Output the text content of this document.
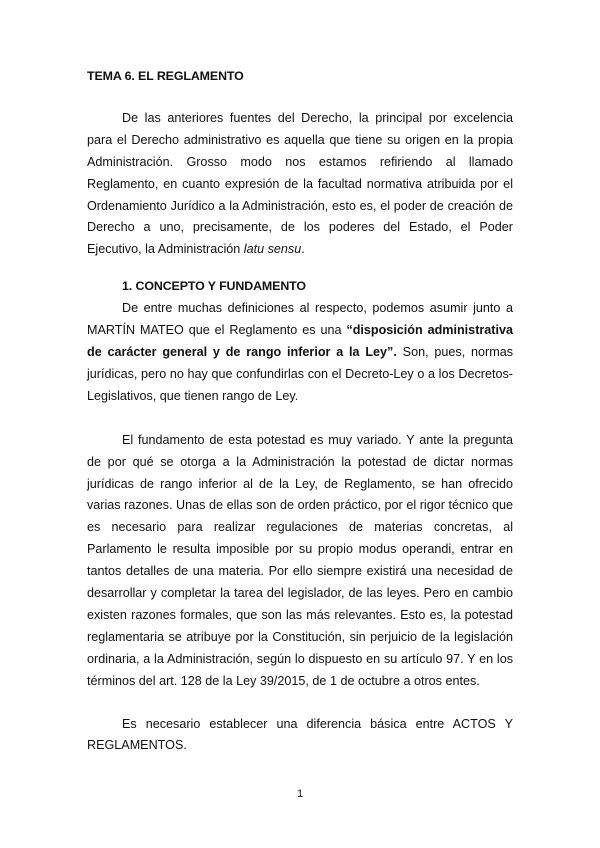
TEMA 6. EL REGLAMENTO

De las anteriores fuentes del Derecho, la principal por excelencia para el Derecho administrativo es aquella que tiene su origen en la propia Administración. Grosso modo nos estamos refiriendo al llamado Reglamento, en cuanto expresión de la facultad normativa atribuida por el Ordenamiento Jurídico a la Administración, esto es, el poder de creación de Derecho a uno, precisamente, de los poderes del Estado, el Poder Ejecutivo, la Administración latu sensu.

1. CONCEPTO Y FUNDAMENTO

De entre muchas definiciones al respecto, podemos asumir junto a MARTÍN MATEO que el Reglamento es una “disposición administrativa de carácter general y de rango inferior a la Ley”. Son, pues, normas jurídicas, pero no hay que confundirlas con el Decreto-Ley o a los Decretos-Legislativos, que tienen rango de Ley.

El fundamento de esta potestad es muy variado. Y ante la pregunta de por qué se otorga a la Administración la potestad de dictar normas jurídicas de rango inferior al de la Ley, de Reglamento, se han ofrecido varias razones. Unas de ellas son de orden práctico, por el rigor técnico que es necesario para realizar regulaciones de materias concretas, al Parlamento le resulta imposible por su propio modus operandi, entrar en tantos detalles de una materia. Por ello siempre existirá una necesidad de desarrollar y completar la tarea del legislador, de las leyes. Pero en cambio existen razones formales, que son las más relevantes. Esto es, la potestad reglamentaria se atribuye por la Constitución, sin perjuicio de la legislación ordinaria, a la Administración, según lo dispuesto en su artículo 97. Y en los términos del art. 128 de la Ley 39/2015, de 1 de octubre a otros entes.

Es necesario establecer una diferencia básica entre ACTOS Y REGLAMENTOS.

1
